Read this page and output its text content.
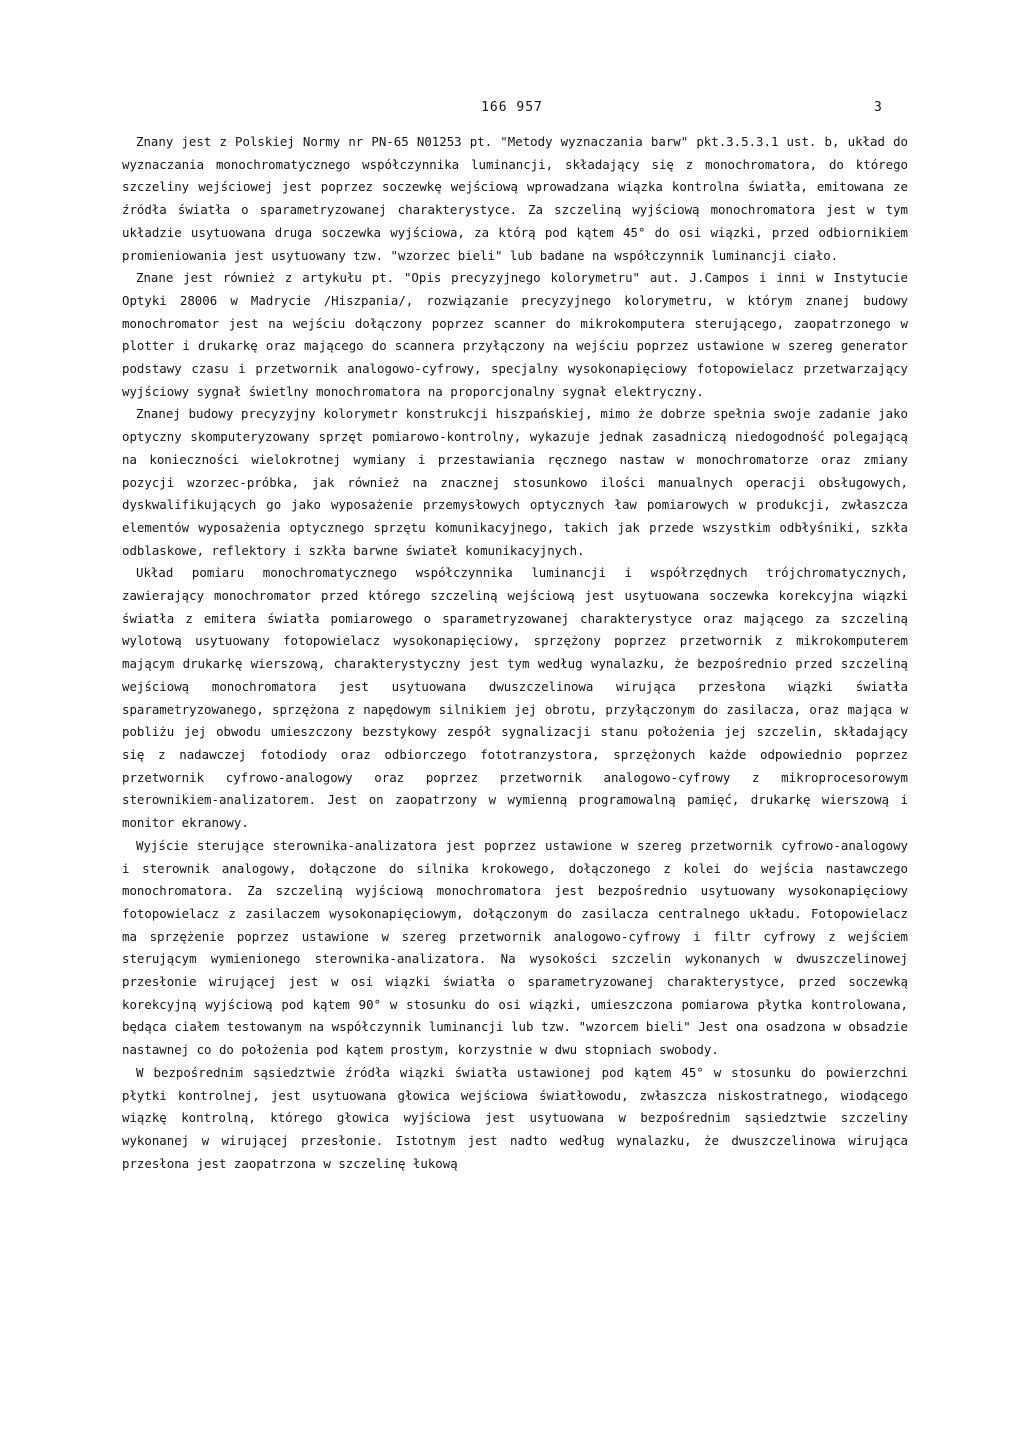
166 957	3

Znany jest z Polskiej Normy nr PN-65 N01253 pt. "Metody wyznaczania barw" pkt.3.5.3.1 ust. b, układ do wyznaczania monochromatycznego współczynnika luminancji, składający się z monochromatora, do którego szczeliny wejściowej jest poprzez soczewkę wejściową wprowadzana wiązka kontrolna światła, emitowana ze źródła światła o sparametryzowanej charakterystyce. Za szczeliną wyjściową monochromatora jest w tym układzie usytuowana druga soczewka wyjściowa, za którą pod kątem 45° do osi wiązki, przed odbiornikiem promieniowania jest usytuowany tzw. "wzorzec bieli" lub badane na współczynnik luminancji ciało.

Znane jest również z artykułu pt. "Opis precyzyjnego kolorymetru" aut. J.Campos i inni w Instytucie Optyki 28006 w Madrycie /Hiszpania/, rozwiązanie precyzyjnego kolorymetru, w którym znanej budowy monochromator jest na wejściu dołączony poprzez scanner do mikrokomputera sterującego, zaopatrzonego w plotter i drukarkę oraz mającego do scannera przyłączony na wejściu poprzez ustawione w szereg generator podstawy czasu i przetwornik analogowo-cyfrowy, specjalny wysokonapięciowy fotopowielacz przetwarzający wyjściowy sygnał świetlny monochromatora na proporcjonalny sygnał elektryczny.

Znanej budowy precyzyjny kolorymetr konstrukcji hiszpańskiej, mimo że dobrze spełnia swoje zadanie jako optyczny skomputeryzowany sprzęt pomiarowo-kontrolny, wykazuje jednak zasadniczą niedogodność polegającą na konieczności wielokrotnej wymiany i przestawiania ręcznego nastaw w monochromatorze oraz zmiany pozycji wzorzec-próbka, jak również na znacznej stosunkowo ilości manualnych operacji obsługowych, dyskwalifikujących go jako wyposażenie przemysłowych optycznych ław pomiarowych w produkcji, zwłaszcza elementów wyposażenia optycznego sprzętu komunikacyjnego, takich jak przede wszystkim odbłyśniki, szkła odblaskowe, reflektory i szkła barwne świateł komunikacyjnych.

Układ pomiaru monochromatycznego współczynnika luminancji i współrzędnych trójchromatycznych, zawierający monochromator przed którego szczeliną wejściową jest usytuowana soczewka korekcyjna wiązki światła z emitera światła pomiarowego o sparametryzowanej charakterystyce oraz mającego za szczeliną wylotową usytuowany fotopowielacz wysokonapięciowy, sprzężony poprzez przetwornik z mikrokomputerem mającym drukarkę wierszową, charakterystyczny jest tym według wynalazku, że bezpośrednio przed szczeliną wejściową monochromatora jest usytuowana dwuszczelinowa wirująca przesłona wiązki światła sparametryzowanego, sprzężona z napędowym silnikiem jej obrotu, przyłączonym do zasilacza, oraz mająca w pobliżu jej obwodu umieszczony bezstykowy zespół sygnalizacji stanu położenia jej szczelin, składający się z nadawczej fotodiody oraz odbiorczego fototranzystora, sprzężonych każde odpowiednio poprzez przetwornik cyfrowo-analogowy oraz poprzez przetwornik analogowo-cyfrowy z mikroprocesorowym sterownikiem-analizatorem. Jest on zaopatrzony w wymienną programowalną pamięć, drukarkę wierszową i monitor ekranowy.

Wyjście sterujące sterownika-analizatora jest poprzez ustawione w szereg przetwornik cyfrowo-analogowy i sterownik analogowy, dołączone do silnika krokowego, dołączonego z kolei do wejścia nastawczego monochromatora. Za szczeliną wyjściową monochromatora jest bezpośrednio usytuowany wysokonapięciowy fotopowielacz z zasilaczem wysokonapięciowym, dołączonym do zasilacza centralnego układu. Fotopowielacz ma sprzężenie poprzez ustawione w szereg przetwornik analogowo-cyfrowy i filtr cyfrowy z wejściem sterującym wymienionego sterownika-analizatora. Na wysokości szczelin wykonanych w dwuszczelinowej przesłonie wirującej jest w osi wiązki światła o sparametryzowanej charakterystyce, przed soczewką korekcyjną wyjściową pod kątem 90° w stosunku do osi wiązki, umieszczona pomiarowa płytka kontrolowana, będąca ciałem testowanym na współczynnik luminancji lub tzw. "wzorcem bieli" Jest ona osadzona w obsadzie nastawnej co do położenia pod kątem prostym, korzystnie w dwu stopniach swobody.

W bezpośrednim sąsiedztwie źródła wiązki światła ustawionej pod kątem 45° w stosunku do powierzchni płytki kontrolnej, jest usytuowana głowica wejściowa światłowodu, zwłaszcza niskostratnego, wiodącego wiązkę kontrolną, którego głowica wyjściowa jest usytuowana w bezpośrednim sąsiedztwie szczeliny wykonanej w wirującej przesłonie. Istotnym jest nadto według wynalazku, że dwuszczelinowa wirująca przesłona jest zaopatrzona w szczelinę łukową
